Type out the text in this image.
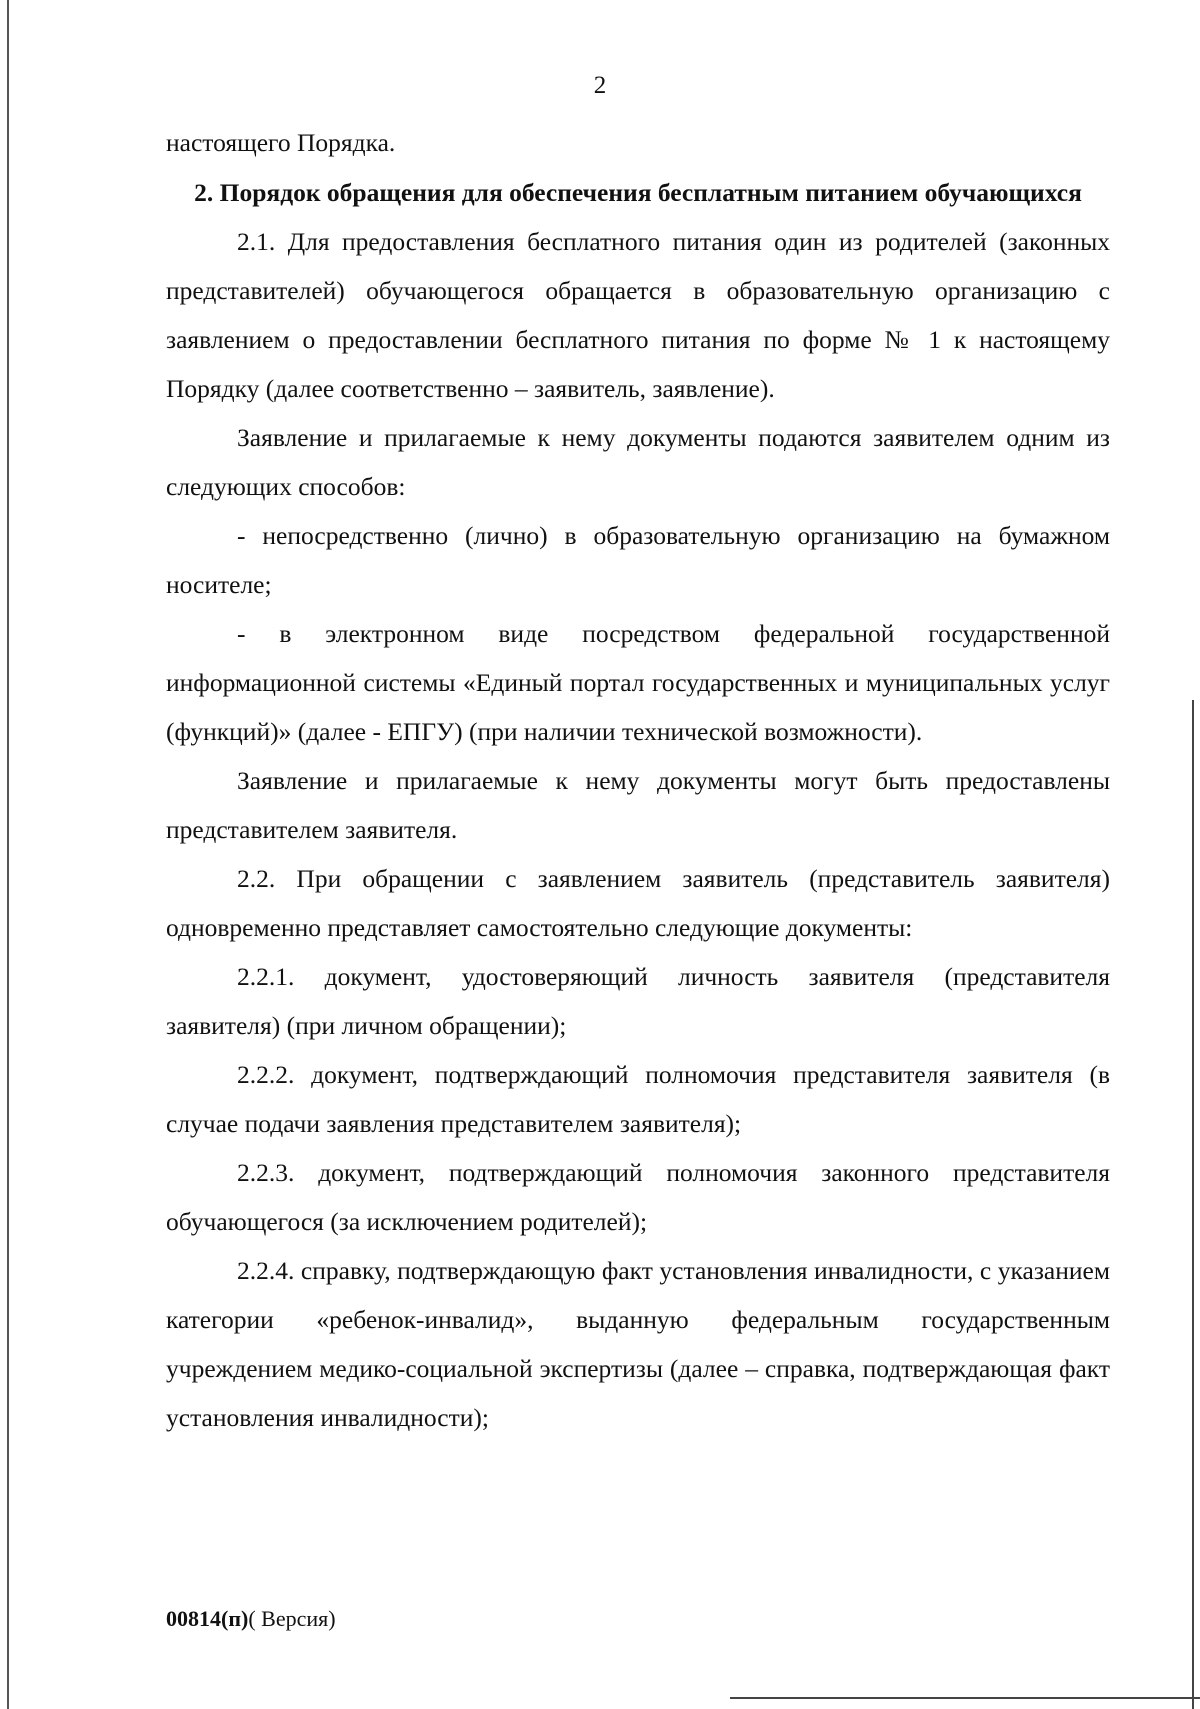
2

настоящего Порядка.

2. Порядок обращения для обеспечения бесплатным питанием обучающихся

2.1. Для предоставления бесплатного питания один из родителей (законных представителей) обучающегося обращается в образовательную организацию с заявлением о предоставлении бесплатного питания по форме № 1 к настоящему Порядку (далее соответственно – заявитель, заявление).

Заявление и прилагаемые к нему документы подаются заявителем одним из следующих способов:

- непосредственно (лично) в образовательную организацию на бумажном носителе;

- в электронном виде посредством федеральной государственной информационной системы «Единый портал государственных и муниципальных услуг (функций)» (далее - ЕПГУ) (при наличии технической возможности).

Заявление и прилагаемые к нему документы могут быть предоставлены представителем заявителя.

2.2. При обращении с заявлением заявитель (представитель заявителя) одновременно представляет самостоятельно следующие документы:

2.2.1. документ, удостоверяющий личность заявителя (представителя заявителя) (при личном обращении);

2.2.2. документ, подтверждающий полномочия представителя заявителя (в случае подачи заявления представителем заявителя);

2.2.3. документ, подтверждающий полномочия законного представителя обучающегося (за исключением родителей);

2.2.4. справку, подтверждающую факт установления инвалидности, с указанием категории «ребенок-инвалид», выданную федеральным государственным учреждением медико-социальной экспертизы (далее – справка, подтверждающая факт установления инвалидности);

00814(п)( Версия)
